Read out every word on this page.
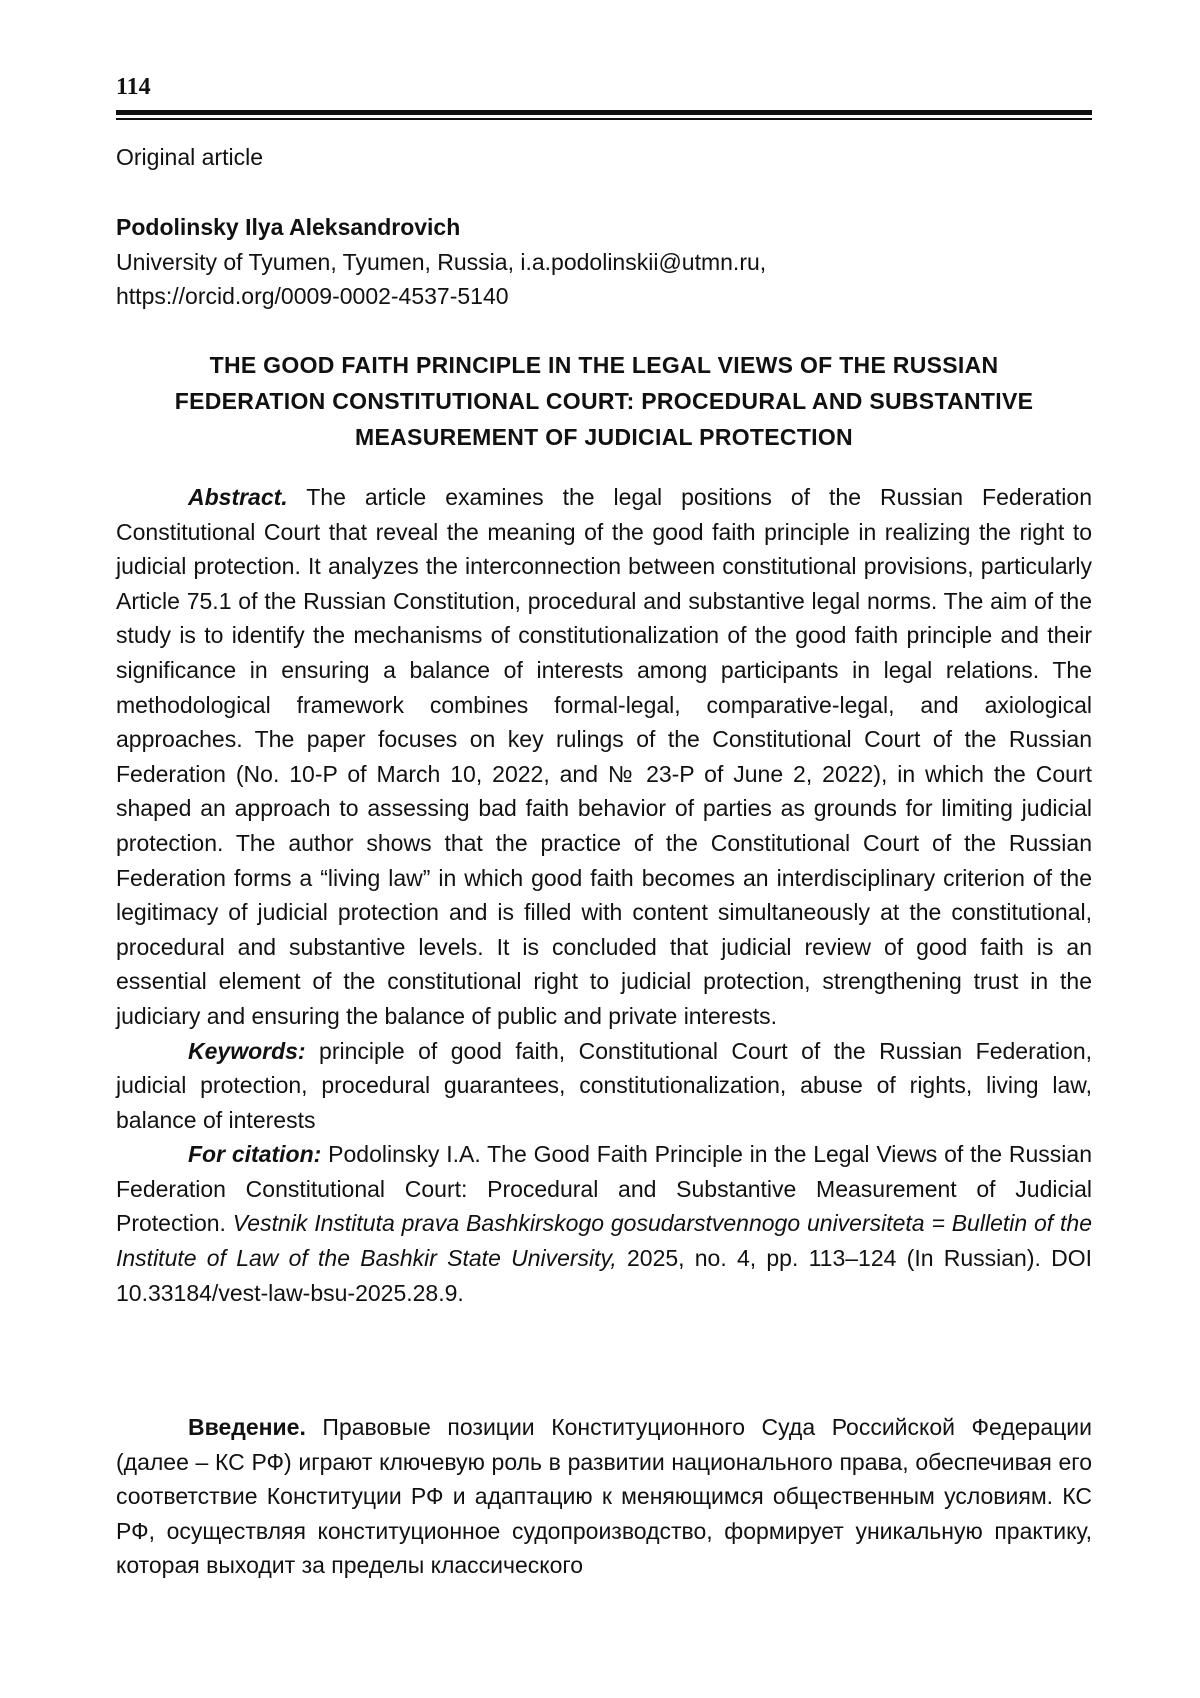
114
Original article
Podolinsky Ilya Aleksandrovich
University of Tyumen, Tyumen, Russia, i.a.podolinskii@utmn.ru,
https://orcid.org/0009-0002-4537-5140
THE GOOD FAITH PRINCIPLE IN THE LEGAL VIEWS OF THE RUSSIAN
FEDERATION CONSTITUTIONAL COURT: PROCEDURAL AND SUBSTANTIVE
MEASUREMENT OF JUDICIAL PROTECTION

Abstract. The article examines the legal positions of the Russian Federation Constitutional Court that reveal the meaning of the good faith principle in realizing the right to judicial protection. It analyzes the interconnection between constitutional provisions, particularly Article 75.1 of the Russian Constitution, procedural and substantive legal norms. The aim of the study is to identify the mechanisms of constitutionalization of the good faith principle and their significance in ensuring a balance of interests among participants in legal relations. The methodological framework combines formal-legal, comparative-legal, and axiological approaches. The paper focuses on key rulings of the Constitutional Court of the Russian Federation (No. 10-P of March 10, 2022, and № 23-P of June 2, 2022), in which the Court shaped an approach to assessing bad faith behavior of parties as grounds for limiting judicial protection. The author shows that the practice of the Constitutional Court of the Russian Federation forms a “living law” in which good faith becomes an interdisciplinary criterion of the legitimacy of judicial protection and is filled with content simultaneously at the constitutional, procedural and substantive levels. It is concluded that judicial review of good faith is an essential element of the constitutional right to judicial protection, strengthening trust in the judiciary and ensuring the balance of public and private interests.

Keywords: principle of good faith, Constitutional Court of the Russian Federation, judicial protection, procedural guarantees, constitutionalization, abuse of rights, living law, balance of interests

For citation: Podolinsky I.A. The Good Faith Principle in the Legal Views of the Russian Federation Constitutional Court: Procedural and Substantive Measurement of Judicial Protection. Vestnik Instituta prava Bashkirskogo gosudarstvennogo universiteta = Bulletin of the Institute of Law of the Bashkir State University, 2025, no. 4, pp. 113–124 (In Russian). DOI 10.33184/vest-law-bsu-2025.28.9.

Введение. Правовые позиции Конституционного Суда Российской Федерации (далее – КС РФ) играют ключевую роль в развитии национального права, обеспечивая его соответствие Конституции РФ и адаптацию к меняющимся общественным условиям. КС РФ, осуществляя конституционное судопроизводство, формирует уникальную практику, которая выходит за пределы классического
